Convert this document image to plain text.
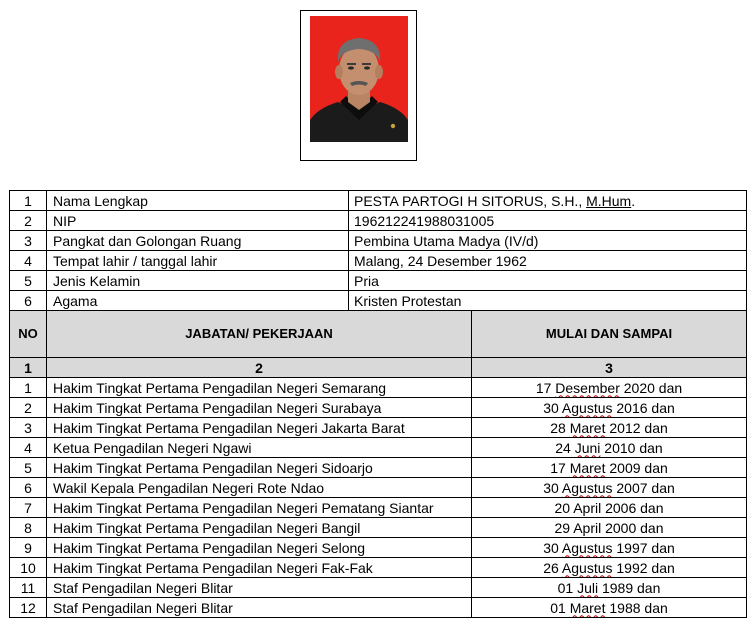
1	Nama Lengkap	PESTA PARTOGI H SITORUS, S.H., M.Hum.
2	NIP	196212241988031005
3	Pangkat dan Golongan Ruang	Pembina Utama Madya (IV/d)
4	Tempat lahir / tanggal lahir	Malang, 24 Desember 1962
5	Jenis Kelamin	Pria
6	Agama	Kristen Protestan
NO	JABATAN/ PEKERJAAN	MULAI DAN SAMPAI
1	2	3
1	Hakim Tingkat Pertama Pengadilan Negeri Semarang	17 Desember 2020 dan
2	Hakim Tingkat Pertama Pengadilan Negeri Surabaya	30 Agustus 2016 dan
3	Hakim Tingkat Pertama Pengadilan Negeri Jakarta Barat	28 Maret 2012 dan
4	Ketua Pengadilan Negeri Ngawi	24 Juni 2010 dan
5	Hakim Tingkat Pertama Pengadilan Negeri Sidoarjo	17 Maret 2009 dan
6	Wakil Kepala Pengadilan Negeri Rote Ndao	30 Agustus 2007 dan
7	Hakim Tingkat Pertama Pengadilan Negeri Pematang Siantar	20 April 2006 dan
8	Hakim Tingkat Pertama Pengadilan Negeri Bangil	29 April 2000 dan
9	Hakim Tingkat Pertama Pengadilan Negeri Selong	30 Agustus 1997 dan
10	Hakim Tingkat Pertama Pengadilan Negeri Fak-Fak	26 Agustus 1992 dan
11	Staf Pengadilan Negeri Blitar	01 Juli 1989 dan
12	Staf Pengadilan Negeri Blitar	01 Maret 1988 dan
